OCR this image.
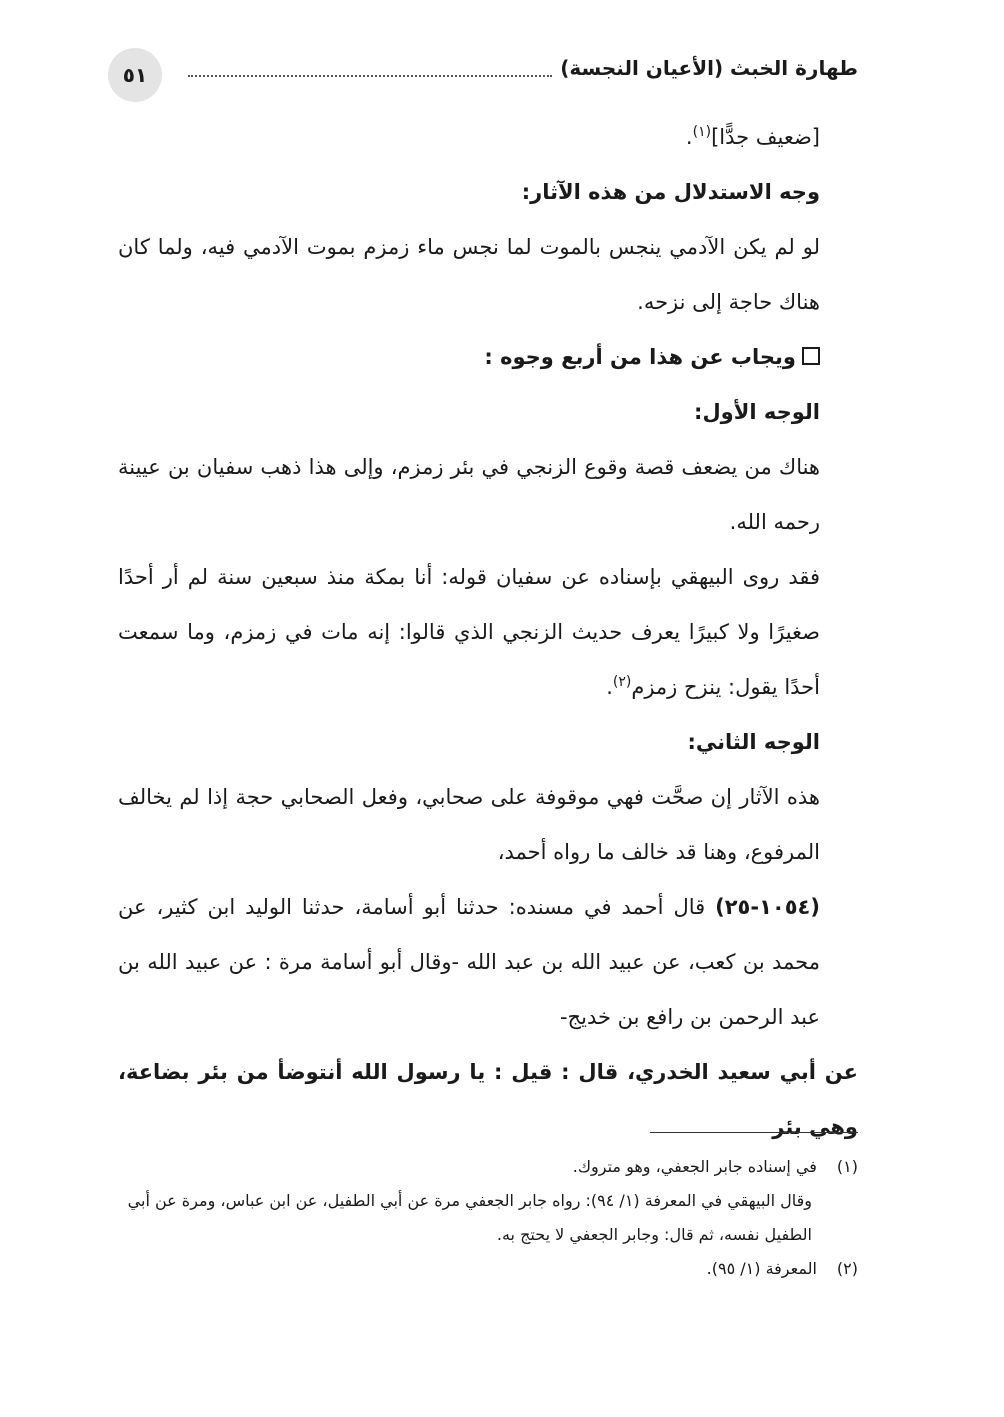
٥١	طهارة الخبث (الأعيان النجسة)

[ضعيف جدًّا]$^{(١)}$.

وجه الاستدلال من هذه الآثار:

لو لم يكن الآدمي ينجس بالموت لما نجس ماء زمزم بموت الآدمي فيه، ولما كان هناك حاجة إلى نزحه.

ويجاب عن هذا من أربع وجوه :

الوجه الأول:

هناك من يضعف قصة وقوع الزنجي في بئر زمزم، وإلى هذا ذهب سفيان بن عيينة رحمه الله.

فقد روى البيهقي بإسناده عن سفيان قوله: أنا بمكة منذ سبعين سنة لم أر أحدًا صغيرًا ولا كبيرًا يعرف حديث الزنجي الذي قالوا: إنه مات في زمزم، وما سمعت أحدًا يقول: ينزح زمزم$^{(٢)}$.

الوجه الثاني:

هذه الآثار إن صحَّت فهي موقوفة على صحابي، وفعل الصحابي حجة إذا لم يخالف المرفوع، وهنا قد خالف ما رواه أحمد،

(١٠٥٤-٢٥) قال أحمد في مسنده: حدثنا أبو أسامة، حدثنا الوليد ابن كثير، عن محمد بن كعب، عن عبيد الله بن عبد الله -وقال أبو أسامة مرة : عن عبيد الله بن عبد الرحمن بن رافع بن خديج-

عن أبي سعيد الخدري، قال : قيل : يا رسول الله أنتوضأ من بئر بضاعة، وهي بئر

(١) في إسناده جابر الجعفي، وهو متروك.

وقال البيهقي في المعرفة (١/ ٩٤): رواه جابر الجعفي مرة عن أبي الطفيل، عن ابن عباس، ومرة عن أبي الطفيل نفسه، ثم قال: وجابر الجعفي لا يحتج به.

(٢) المعرفة (١/ ٩٥).
